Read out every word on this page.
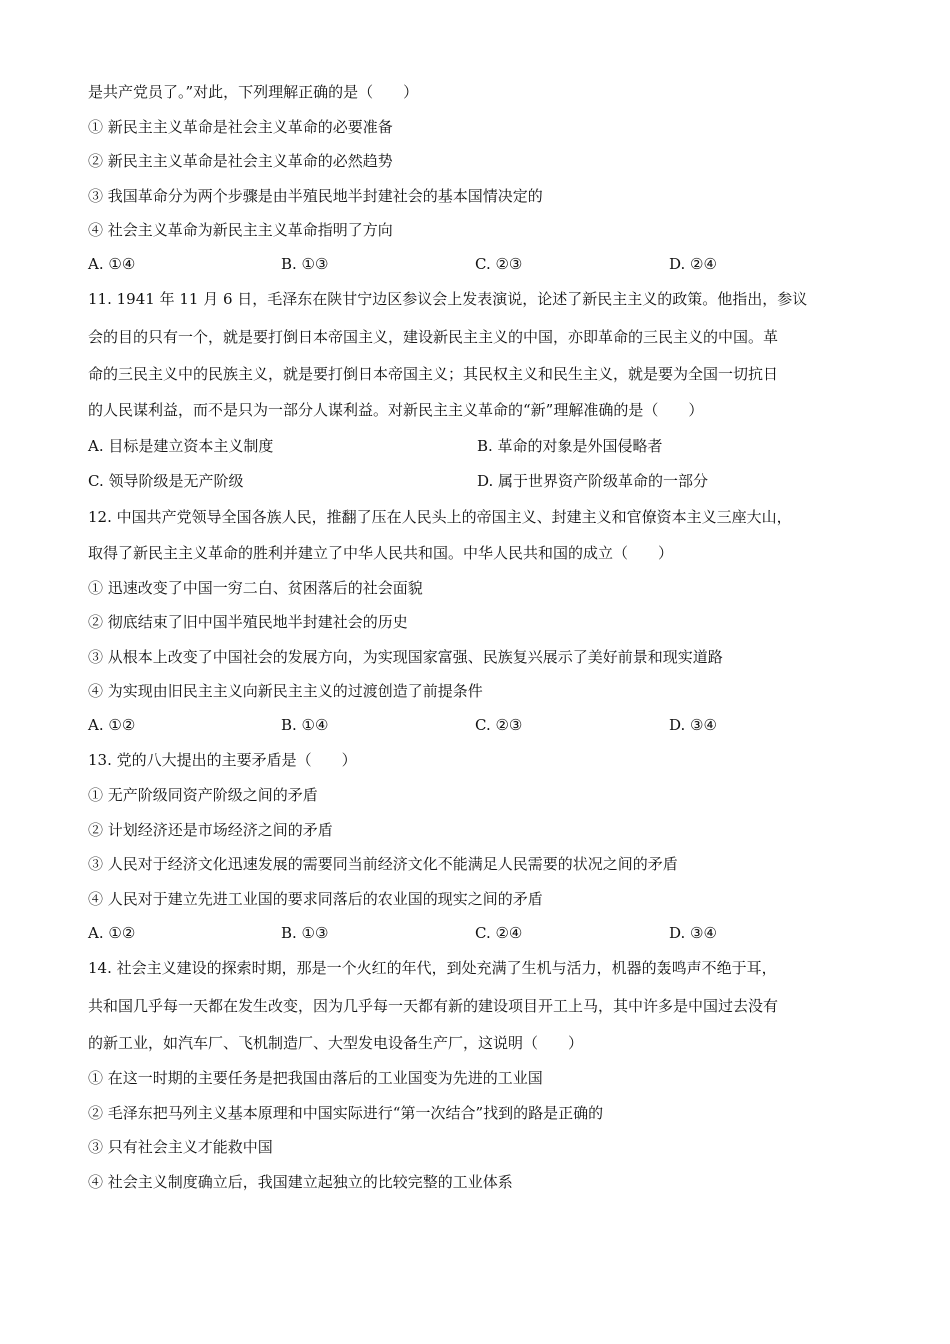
是共产党员了。”对此，下列理解正确的是（　　）
① 新民主主义革命是社会主义革命的必要准备
② 新民主主义革命是社会主义革命的必然趋势
③ 我国革命分为两个步骤是由半殖民地半封建社会的基本国情决定的
④ 社会主义革命为新民主主义革命指明了方向
A. ①④	B. ①③	C. ②③	D. ②④
11. 1941 年 11 月 6 日，毛泽东在陕甘宁边区参议会上发表演说，论述了新民主主义的政策。他指出，参议
会的目的只有一个，就是要打倒日本帝国主义，建设新民主主义的中国，亦即革命的三民主义的中国。革
命的三民主义中的民族主义，就是要打倒日本帝国主义；其民权主义和民生主义，就是要为全国一切抗日
的人民谋利益，而不是只为一部分人谋利益。对新民主主义革命的“新”理解准确的是（　　）
A. 目标是建立资本主义制度	B. 革命的对象是外国侵略者
C. 领导阶级是无产阶级	D. 属于世界资产阶级革命的一部分
12. 中国共产党领导全国各族人民，推翻了压在人民头上的帝国主义、封建主义和官僚资本主义三座大山，
取得了新民主主义革命的胜利并建立了中华人民共和国。中华人民共和国的成立（　　）
① 迅速改变了中国一穷二白、贫困落后的社会面貌
② 彻底结束了旧中国半殖民地半封建社会的历史
③ 从根本上改变了中国社会的发展方向，为实现国家富强、民族复兴展示了美好前景和现实道路
④ 为实现由旧民主主义向新民主主义的过渡创造了前提条件
A. ①②	B. ①④	C. ②③	D. ③④
13. 党的八大提出的主要矛盾是（　　）
① 无产阶级同资产阶级之间的矛盾
② 计划经济还是市场经济之间的矛盾
③ 人民对于经济文化迅速发展的需要同当前经济文化不能满足人民需要的状况之间的矛盾
④ 人民对于建立先进工业国的要求同落后的农业国的现实之间的矛盾
A. ①②	B. ①③	C. ②④	D. ③④
14. 社会主义建设的探索时期，那是一个火红的年代，到处充满了生机与活力，机器的轰鸣声不绝于耳，
共和国几乎每一天都在发生改变，因为几乎每一天都有新的建设项目开工上马，其中许多是中国过去没有
的新工业，如汽车厂、飞机制造厂、大型发电设备生产厂，这说明（　　）
① 在这一时期的主要任务是把我国由落后的工业国变为先进的工业国
② 毛泽东把马列主义基本原理和中国实际进行“第一次结合”找到的路是正确的
③ 只有社会主义才能救中国
④ 社会主义制度确立后，我国建立起独立的比较完整的工业体系
